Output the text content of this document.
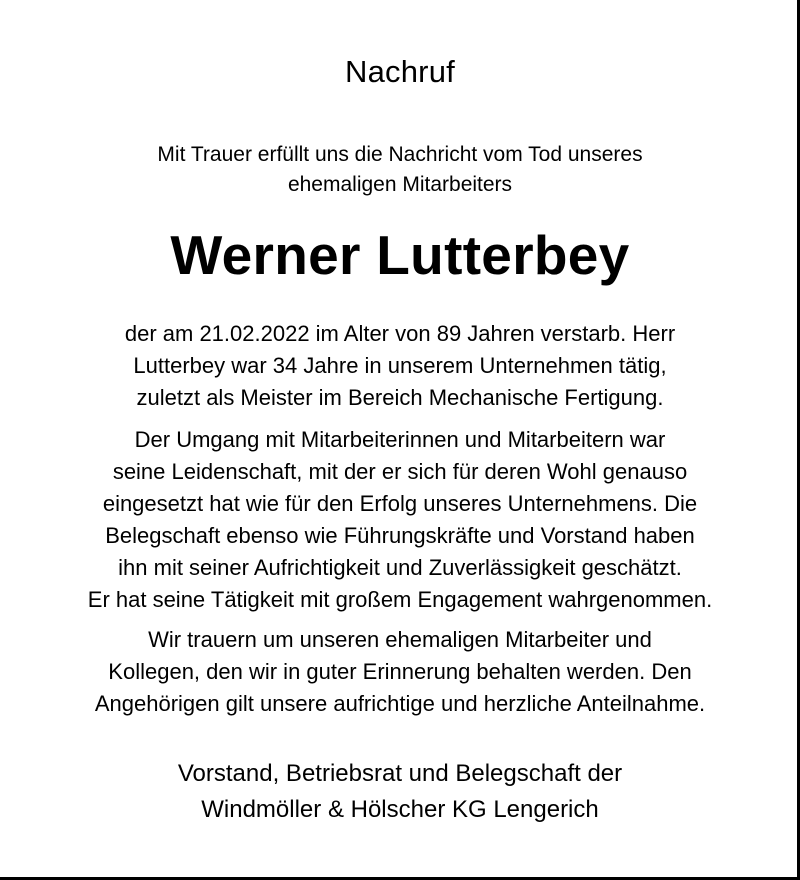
Nachruf
Mit Trauer erfüllt uns die Nachricht vom Tod unseres
ehemaligen Mitarbeiters
Werner Lutterbey
der am 21.02.2022 im Alter von 89 Jahren verstarb. Herr
Lutterbey war 34 Jahre in unserem Unternehmen tätig,
zuletzt als Meister im Bereich Mechanische Fertigung.
Der Umgang mit Mitarbeiterinnen und Mitarbeitern war
seine Leidenschaft, mit der er sich für deren Wohl genauso
eingesetzt hat wie für den Erfolg unseres Unternehmens. Die
Belegschaft ebenso wie Führungskräfte und Vorstand haben
ihn mit seiner Aufrichtigkeit und Zuverlässigkeit geschätzt.
Er hat seine Tätigkeit mit großem Engagement wahrgenommen.
Wir trauern um unseren ehemaligen Mitarbeiter und
Kollegen, den wir in guter Erinnerung behalten werden. Den
Angehörigen gilt unsere aufrichtige und herzliche Anteilnahme.
Vorstand, Betriebsrat und Belegschaft der
Windmöller & Hölscher KG Lengerich
